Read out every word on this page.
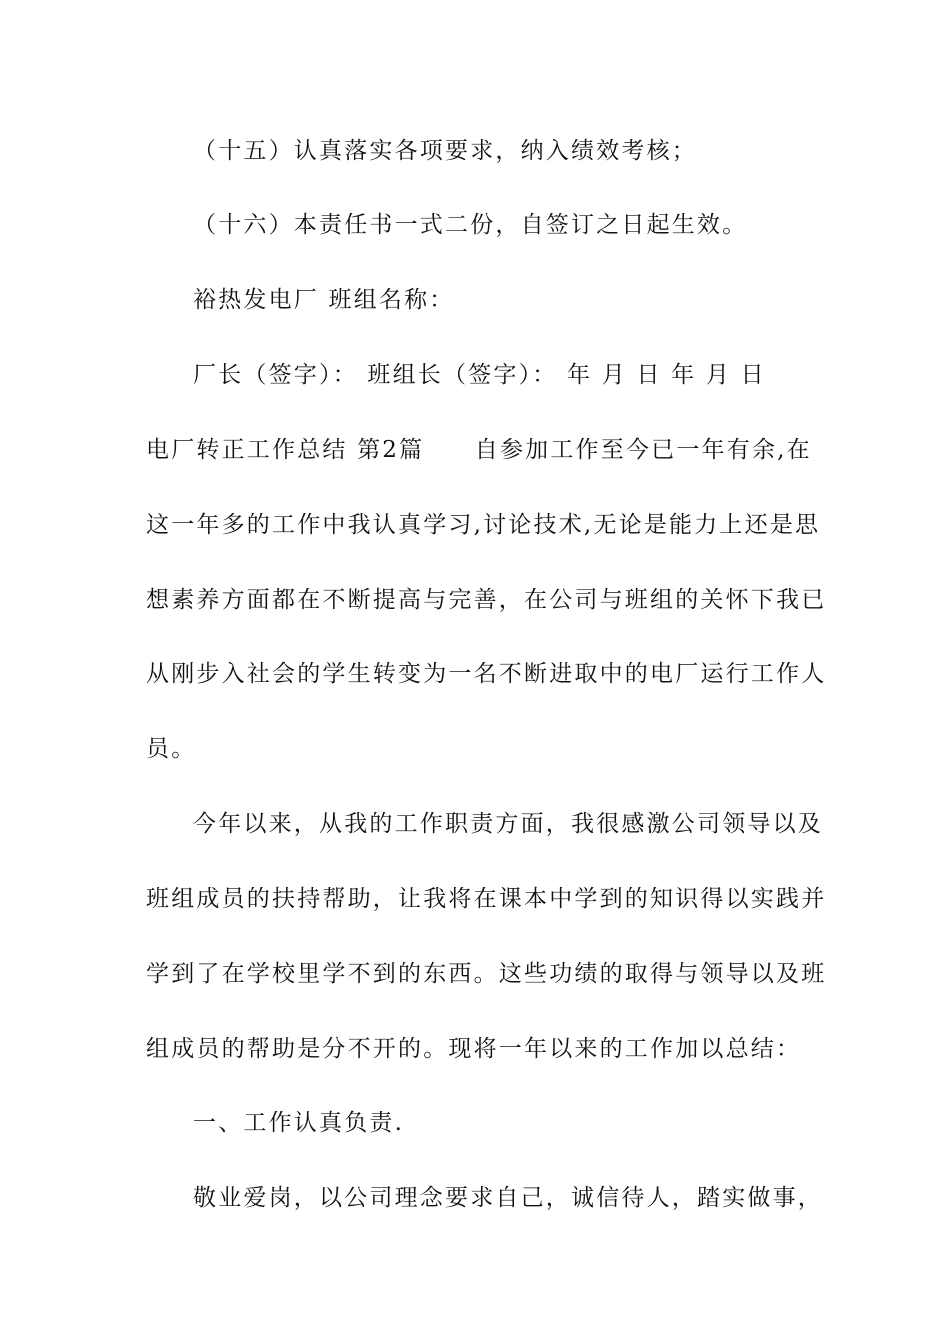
（十五）认真落实各项要求，纳入绩效考核；
（十六）本责任书一式二份，自签订之日起生效。
裕热发电厂 班组名称：
厂长（签字）： 班组长（签字）： 年 月 日 年 月 日
电厂转正工作总结 第2篇　　自参加工作至今已一年有余,在
这一年多的工作中我认真学习,讨论技术,无论是能力上还是思
想素养方面都在不断提高与完善，在公司与班组的关怀下我已
从刚步入社会的学生转变为一名不断进取中的电厂运行工作人
员。
今年以来，从我的工作职责方面，我很感激公司领导以及
班组成员的扶持帮助，让我将在课本中学到的知识得以实践并
学到了在学校里学不到的东西。这些功绩的取得与领导以及班
组成员的帮助是分不开的。现将一年以来的工作加以总结：
一、工作认真负责.
敬业爱岗，以公司理念要求自己，诚信待人，踏实做事，
